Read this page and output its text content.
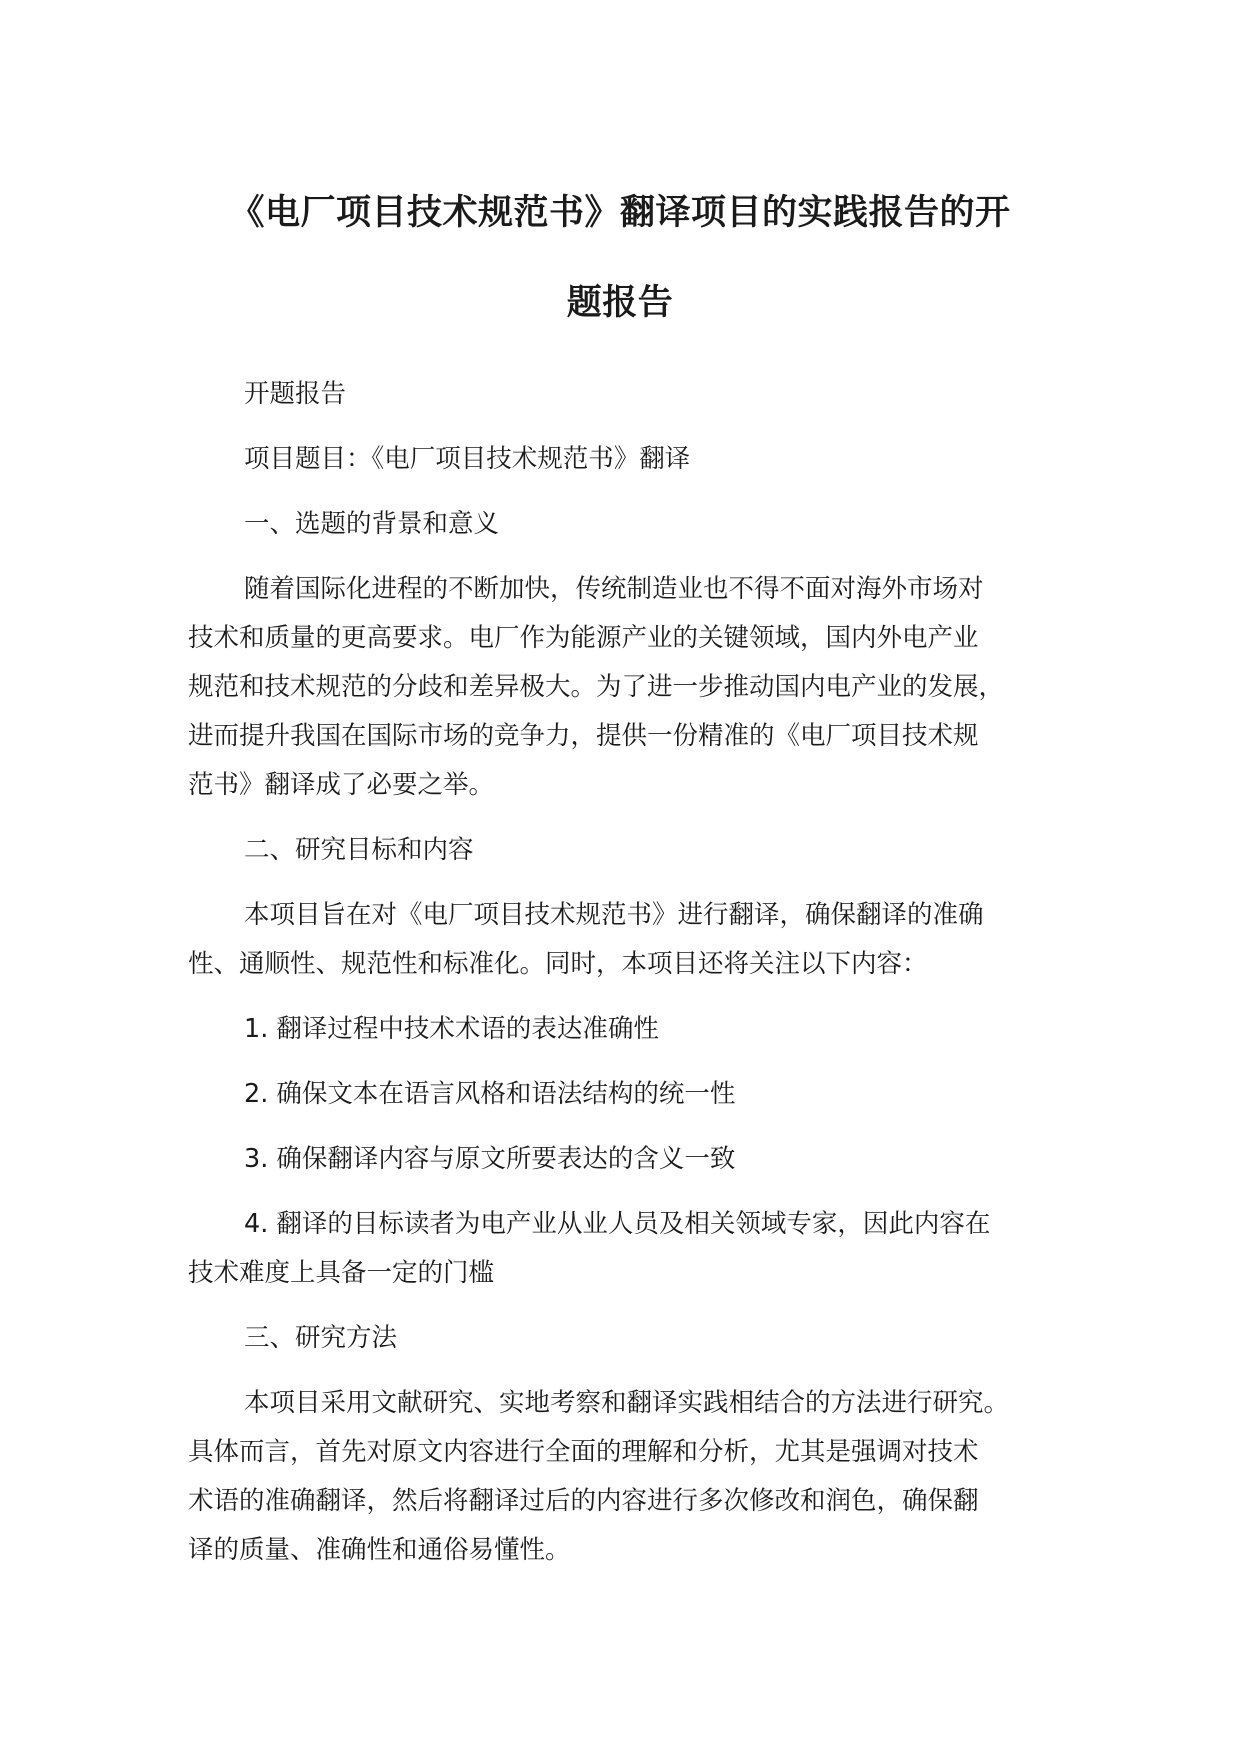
《电厂项目技术规范书》翻译项目的实践报告的开
题报告
开题报告
项目题目：《电厂项目技术规范书》翻译
一、选题的背景和意义
随着国际化进程的不断加快，传统制造业也不得不面对海外市场对
技术和质量的更高要求。电厂作为能源产业的关键领域，国内外电产业
规范和技术规范的分歧和差异极大。为了进一步推动国内电产业的发展，
进而提升我国在国际市场的竞争力，提供一份精准的《电厂项目技术规
范书》翻译成了必要之举。
二、研究目标和内容
本项目旨在对《电厂项目技术规范书》进行翻译，确保翻译的准确
性、通顺性、规范性和标准化。同时，本项目还将关注以下内容：
1. 翻译过程中技术术语的表达准确性
2. 确保文本在语言风格和语法结构的统一性
3. 确保翻译内容与原文所要表达的含义一致
4. 翻译的目标读者为电产业从业人员及相关领域专家，因此内容在
技术难度上具备一定的门槛
三、研究方法
本项目采用文献研究、实地考察和翻译实践相结合的方法进行研究。
具体而言，首先对原文内容进行全面的理解和分析，尤其是强调对技术
术语的准确翻译，然后将翻译过后的内容进行多次修改和润色，确保翻
译的质量、准确性和通俗易懂性。
